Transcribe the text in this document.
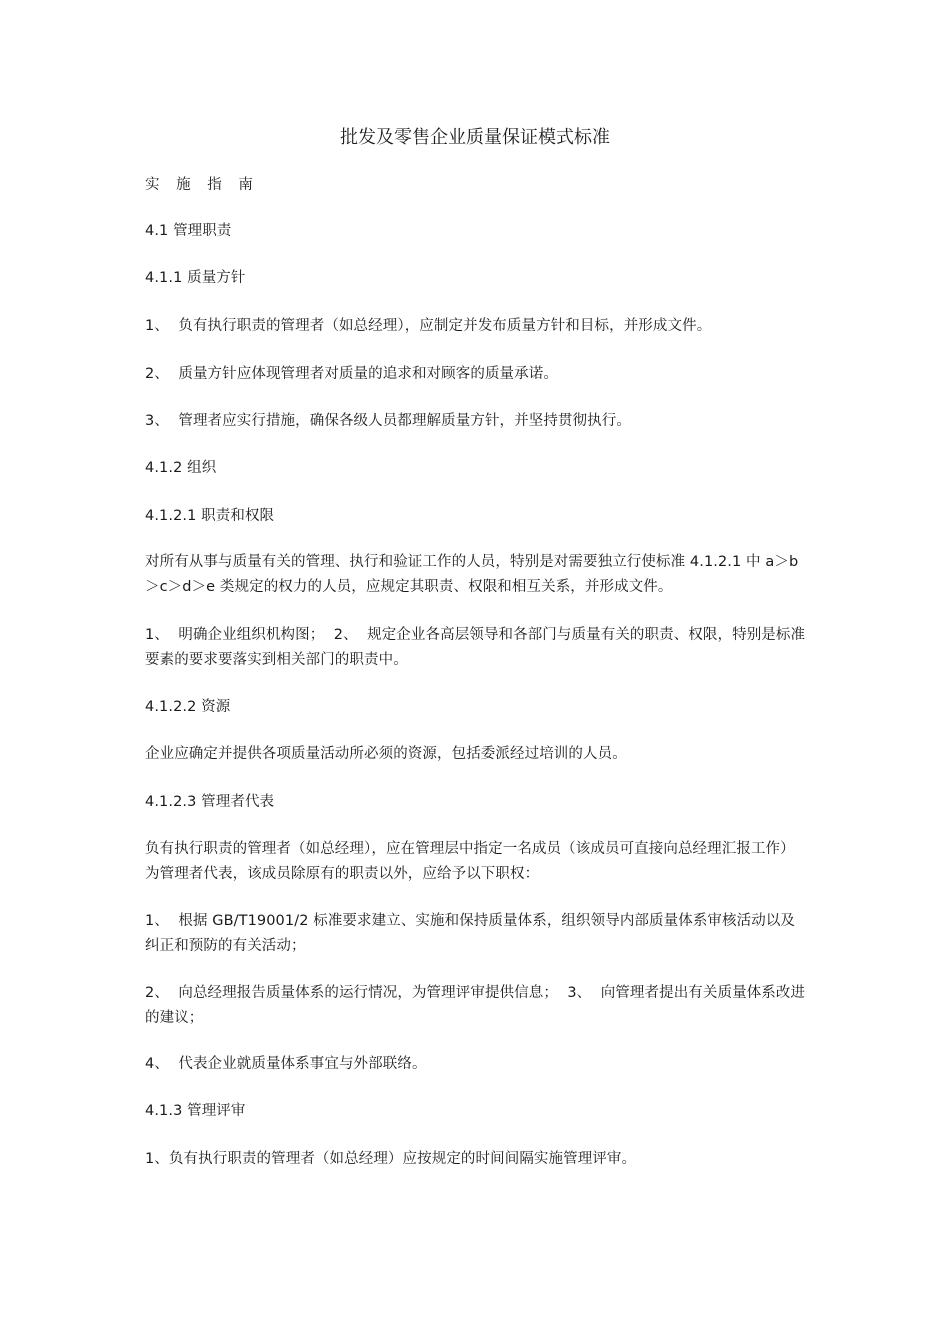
批发及零售企业质量保证模式标准
实 施 指 南
4.1 管理职责
4.1.1 质量方针
1、  负有执行职责的管理者（如总经理），应制定并发布质量方针和目标，并形成文件。
2、  质量方针应体现管理者对质量的追求和对顾客的质量承诺。
3、  管理者应实行措施，确保各级人员都理解质量方针，并坚持贯彻执行。
4.1.2 组织
4.1.2.1 职责和权限
对所有从事与质量有关的管理、执行和验证工作的人员，特别是对需要独立行使标准 4.1.2.1 中 a＞b＞c＞d＞e 类规定的权力的人员，应规定其职责、权限和相互关系，并形成文件。
1、  明确企业组织机构图；  2、  规定企业各高层领导和各部门与质量有关的职责、权限，特别是标准要素的要求要落实到相关部门的职责中。
4.1.2.2 资源
企业应确定并提供各项质量活动所必须的资源，包括委派经过培训的人员。
4.1.2.3 管理者代表
负有执行职责的管理者（如总经理），应在管理层中指定一名成员（该成员可直接向总经理汇报工作）为管理者代表，该成员除原有的职责以外，应给予以下职权：
1、  根据 GB/T19001/2 标准要求建立、实施和保持质量体系，组织领导内部质量体系审核活动以及纠正和预防的有关活动；
2、  向总经理报告质量体系的运行情况，为管理评审提供信息；  3、  向管理者提出有关质量体系改进的建议；
4、  代表企业就质量体系事宜与外部联络。
4.1.3 管理评审
1、负有执行职责的管理者（如总经理）应按规定的时间间隔实施管理评审。
